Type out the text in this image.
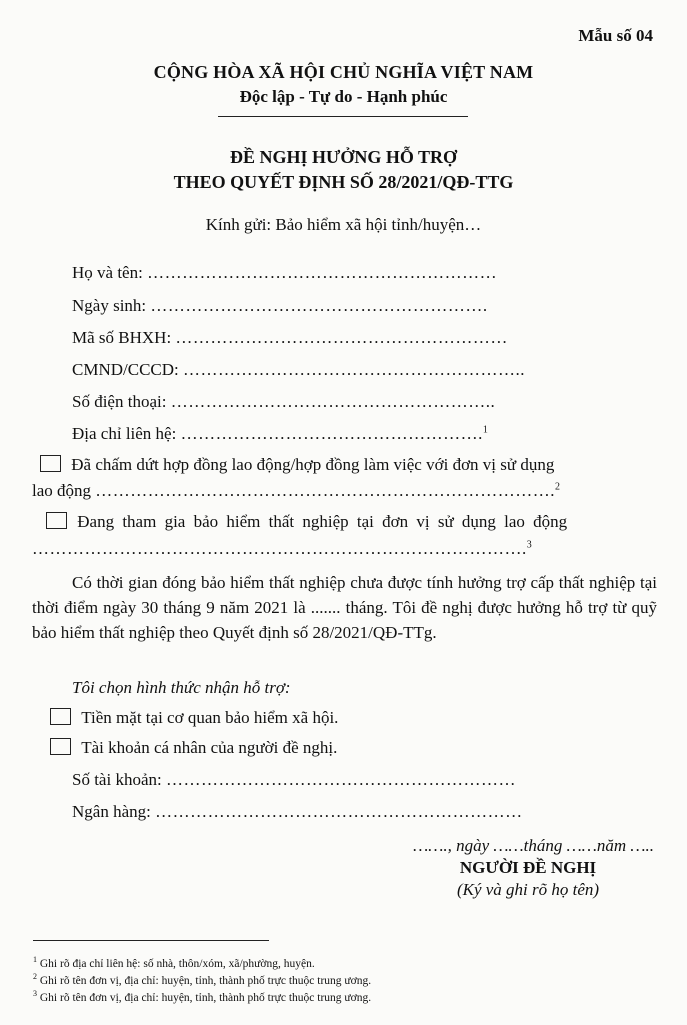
Mẫu số 04
CỘNG HÒA XÃ HỘI CHỦ NGHĨA VIỆT NAM
Độc lập - Tự do - Hạnh phúc
ĐỀ NGHỊ HƯỞNG HỖ TRỢ
THEO QUYẾT ĐỊNH SỐ 28/2021/QĐ-TTG
Kính gửi: Bảo hiểm xã hội tỉnh/huyện…
Họ và tên: ……………………………………………………
Ngày sinh: ………………………………………………….
Mã số BHXH: …………………………………………………
CMND/CCCD: …………………………………………………..
Số điện thoại: ………………………………………………..
Địa chỉ liên hệ: …………………………………………….$^1$
Đã chấm dứt hợp đồng lao động/hợp đồng làm việc với đơn vị sử dụng
lao động …………………………………………………………………….$^2$
Đang tham gia bảo hiểm thất nghiệp tại đơn vị sử dụng lao động
………………………………………………………………………….$^3$
Có thời gian đóng bảo hiểm thất nghiệp chưa được tính hưởng trợ cấp thất nghiệp tại thời điểm ngày 30 tháng 9 năm 2021 là ....... tháng. Tôi đề nghị được hưởng hỗ trợ từ quỹ bảo hiểm thất nghiệp theo Quyết định số 28/2021/QĐ-TTg.
Tôi chọn hình thức nhận hỗ trợ:
Tiền mặt tại cơ quan bảo hiểm xã hội.
Tài khoản cá nhân của người đề nghị.
Số tài khoản: ……………………………………………………
Ngân hàng: ………………………………………………………
……., ngày ……tháng ……năm …..
NGƯỜI ĐỀ NGHỊ
(Ký và ghi rõ họ tên)
$^1$ Ghi rõ địa chỉ liên hệ: số nhà, thôn/xóm, xã/phường, huyện.
$^2$ Ghi rõ tên đơn vị, địa chỉ: huyện, tỉnh, thành phố trực thuộc trung ương.
$^3$ Ghi rõ tên đơn vị, địa chỉ: huyện, tỉnh, thành phố trực thuộc trung ương.
